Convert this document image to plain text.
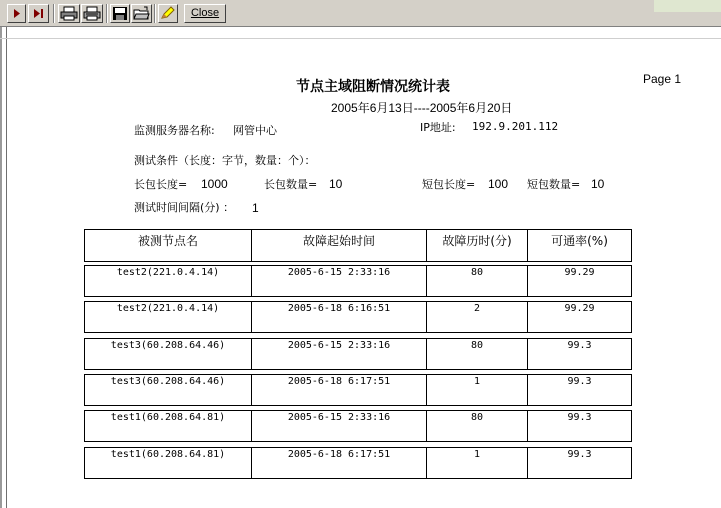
Close
节点主域阻断情况统计表	Page 1
2005年6月13日----2005年6月20日
监测服务器名称: 网管中心	IP地址: 192.9.201.112
测试条件（长度：字节，数量：个）：
长包长度= 1000	长包数量= 10	短包长度= 100 短包数量= 10
测试时间间隔(分) ： 1
被测节点名	故障起始时间	故障历时(分)	可通率(%)
test2(221.0.4.14)	2005-6-15 2:33:16	80	99.29
test2(221.0.4.14)	2005-6-18 6:16:51	2	99.29
test3(60.208.64.46)	2005-6-15 2:33:16	80	99.3
test3(60.208.64.46)	2005-6-18 6:17:51	1	99.3
test1(60.208.64.81)	2005-6-15 2:33:16	80	99.3
test1(60.208.64.81)	2005-6-18 6:17:51	1	99.3
